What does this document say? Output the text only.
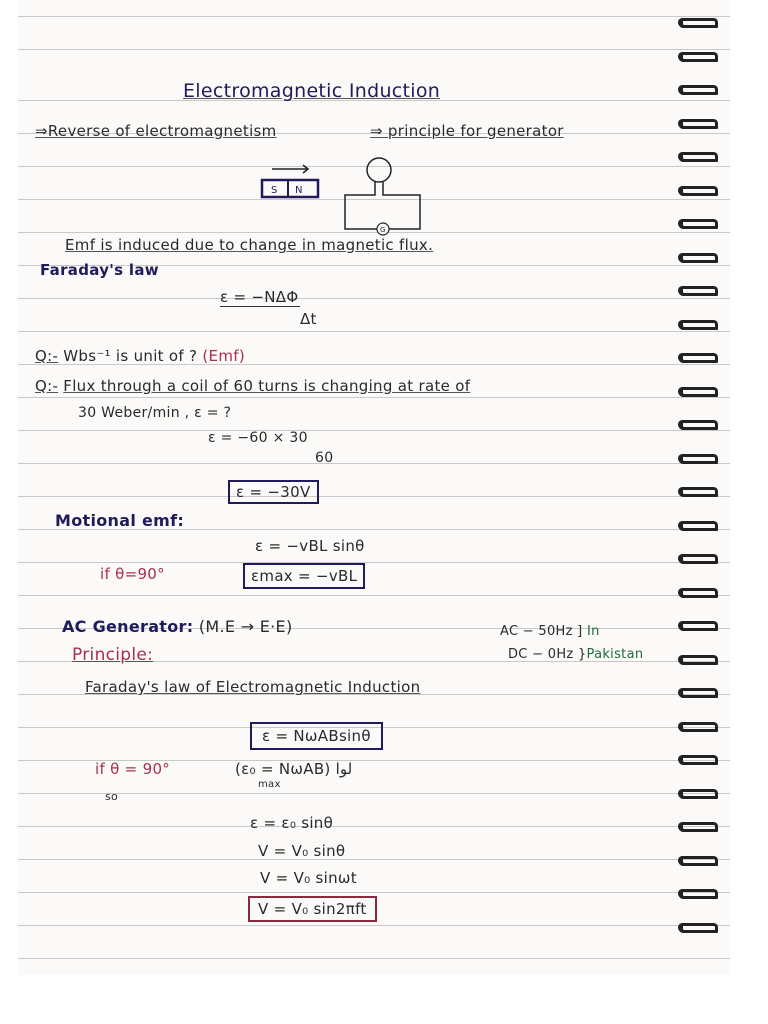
Electromagnetic Induction
⇒Reverse of electromagnetism	⇒ principle for generator
S N
G
Emf is induced due to change in magnetic flux.
Faraday's law
ε = −NΔΦ
Δt
Q:- Wbs⁻¹ is unit of ? (Emf)
Q:- Flux through a coil of 60 turns is changing at rate of
30 Weber/min , ε = ?
ε = −60 × 30
60
ε = −30V
Motional emf:
ε = −vBL sinθ
if θ=90°	εmax = −vBL
AC Generator: (M.E → E·E)	AC − 50Hz ] In
DC − 0Hz }Pakistan
Principle:
Faraday's law of Electromagnetic Induction
ε = NωABsinθ
if θ = 90°	(ε₀ = NωAB) لوا
max
so
ε = ε₀ sinθ
V = V₀ sinθ
V = V₀ sinωt
V = V₀ sin2πft
